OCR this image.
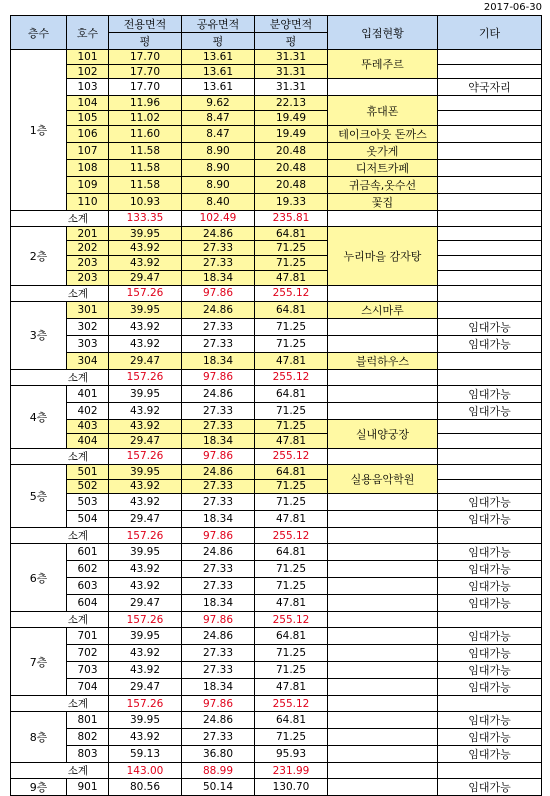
2017-06-30
층수	호수	전용면적	공유면적	분양면적	입점현황	기타
		평	평	평		
1층	101	17.70	13.61	31.31	뚜레주르	
	102	17.70	13.61	31.31		
	103	17.70	13.61	31.31		약국자리
	104	11.96	9.62	22.13	휴대폰	
	105	11.02	8.47	19.49		
	106	11.60	8.47	19.49	테이크아웃 돈까스	
	107	11.58	8.90	20.48	옷가게	
	108	11.58	8.90	20.48	디저트카페	
	109	11.58	8.90	20.48	귀금속,옷수선	
	110	10.93	8.40	19.33	꽃집	
소계		133.35	102.49	235.81		
2층	201	39.95	24.86	64.81	누리마을 감자탕	
	202	43.92	27.33	71.25		
	203	43.92	27.33	71.25		
	203	29.47	18.34	47.81		
소계		157.26	97.86	255.12		
3층	301	39.95	24.86	64.81	스시마루	
	302	43.92	27.33	71.25		임대가능
	303	43.92	27.33	71.25		임대가능
	304	29.47	18.34	47.81	블럭하우스	
소계		157.26	97.86	255.12		
4층	401	39.95	24.86	64.81		임대가능
	402	43.92	27.33	71.25		임대가능
	403	43.92	27.33	71.25	실내양궁장	
	404	29.47	18.34	47.81		
소계		157.26	97.86	255.12		
5층	501	39.95	24.86	64.81	실용음악학원	
	502	43.92	27.33	71.25		
	503	43.92	27.33	71.25		임대가능
	504	29.47	18.34	47.81		임대가능
소계		157.26	97.86	255.12		
6층	601	39.95	24.86	64.81		임대가능
	602	43.92	27.33	71.25		임대가능
	603	43.92	27.33	71.25		임대가능
	604	29.47	18.34	47.81		임대가능
소계		157.26	97.86	255.12		
7층	701	39.95	24.86	64.81		임대가능
	702	43.92	27.33	71.25		임대가능
	703	43.92	27.33	71.25		임대가능
	704	29.47	18.34	47.81		임대가능
소계		157.26	97.86	255.12		
8층	801	39.95	24.86	64.81		임대가능
	802	43.92	27.33	71.25		임대가능
	803	59.13	36.80	95.93		임대가능
소계		143.00	88.99	231.99		
9층	901	80.56	50.14	130.70		임대가능
